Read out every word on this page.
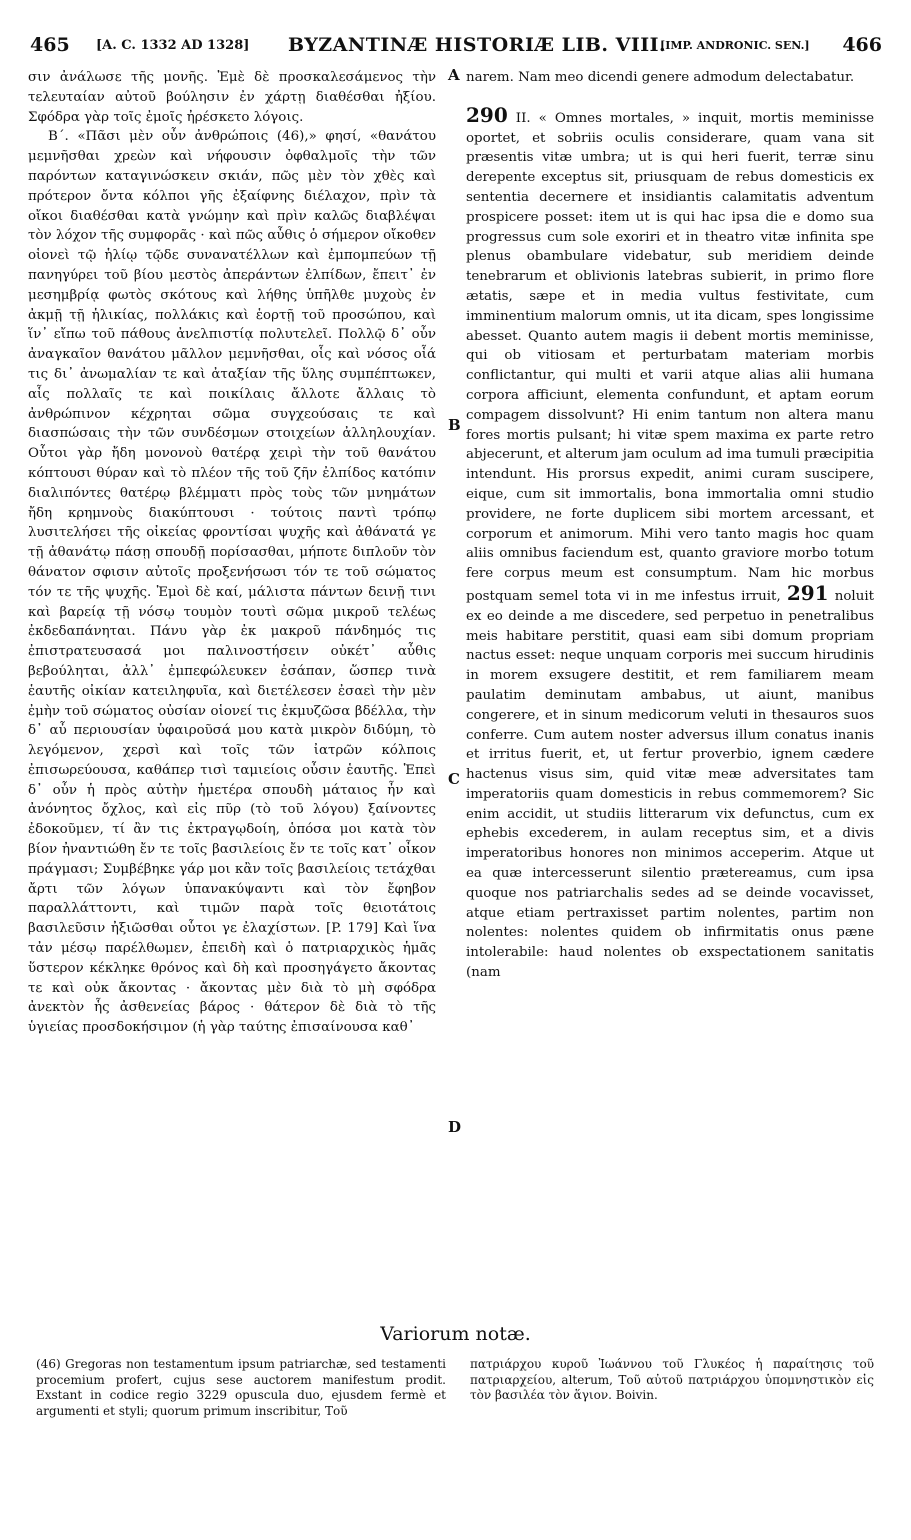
465 [A. C. 1332 AD 1328] BYZANTINÆ HISTORIÆ LIB. VIII.
[IMP. ANDRONIC. SEN.] 466

σιν ἀνάλωσε τῆς μονῆς. Ἐμὲ δὲ προσκαλεσάμενος τὴν τελευταίαν αὐτοῦ βούλησιν ἐν χάρτῃ διαθέσθαι ἠξίου. Σφόδρα γὰρ τοῖς ἐμοῖς ἠρέσκετο λόγοις.

Β΄. «Πᾶσι μὲν οὖν ἀνθρώποις (46),» φησί, «θανάτου μεμνῆσθαι χρεὼν καὶ νήφουσιν ὀφθαλμοῖς τὴν τῶν παρόντων καταγινώσκειν σκιάν, πῶς μὲν τὸν χθὲς καὶ πρότερον ὄντα κόλποι γῆς ἐξαίφνης διέλαχον, πρὶν τὰ οἴκοι διαθέσθαι κατὰ γνώμην καὶ πρὶν καλῶς διαβλέψαι τὸν λόχον τῆς συμφορᾶς · καὶ πῶς αὖθις ὁ σήμερον οἴκοθεν οἱονεὶ τῷ ἡλίῳ τῷδε συνανατέλλων καὶ ἐμπομπεύων τῇ πανηγύρει τοῦ βίου μεστὸς ἀπεράντων ἐλπίδων, ἔπειτ᾽ ἐν μεσημβρίᾳ φωτὸς σκότους καὶ λήθης ὑπῆλθε μυχοὺς ἐν ἀκμῇ τῇ ἡλικίας, πολλάκις καὶ ἑορτῇ τοῦ προσώπου, καὶ ἵν᾽ εἴπω τοῦ πάθους ἀνελπιστίᾳ πολυτελεῖ. Πολλῷ δ᾽ οὖν ἀναγκαῖον θανάτου μᾶλλον μεμνῆσθαι, οἷς καὶ νόσος οἷά τις δι᾽ ἀνωμαλίαν τε καὶ ἀταξίαν τῆς ὕλης συμπέπτωκεν, αἷς πολλαῖς τε καὶ ποικίλαις ἄλλοτε ἄλλαις τὸ ἀνθρώπινον κέχρηται σῶμα συγχεούσαις τε καὶ διασπώσαις τὴν τῶν συνδέσμων στοιχείων ἀλληλουχίαν. Οὗτοι γὰρ ἤδη μονονοὺ θατέρᾳ χειρὶ τὴν τοῦ θανάτου κόπτουσι θύραν καὶ τὸ πλέον τῆς τοῦ ζῆν ἐλπίδος κατόπιν διαλιπόντες θατέρῳ βλέμματι πρὸς τοὺς τῶν μνημάτων ἤδη κρημνοὺς διακύπτουσι · τούτοις παντὶ τρόπῳ λυσιτελήσει τῆς οἰκείας φροντίσαι ψυχῆς καὶ ἀθάνατά γε τῇ ἀθανάτῳ πάσῃ σπουδῇ πορίσασθαι, μήποτε διπλοῦν τὸν θάνατον σφισιν αὐτοῖς προξενήσωσι τόν τε τοῦ σώματος τόν τε τῆς ψυχῆς. Ἐμοὶ δὲ καί, μάλιστα πάντων δεινῇ τινι καὶ βαρείᾳ τῇ νόσῳ τουμὸν τουτὶ σῶμα μικροῦ τελέως ἐκδεδαπάνηται. Πάνυ γὰρ ἐκ μακροῦ πάνδημός τις ἐπιστρατευσασά μοι παλινοστήσειν οὐκέτ᾽ αὖθις βεβούληται, ἀλλ᾽ ἐμπεφώλευκεν ἐσάπαν, ὥσπερ τινὰ ἑαυτῆς οἰκίαν κατειληφυῖα, καὶ διετέλεσεν ἐσαεὶ τὴν μὲν ἐμὴν τοῦ σώματος οὐσίαν οἱονεί τις ἐκμυζῶσα βδέλλα, τὴν δ᾽ αὖ περιουσίαν ὑφαιροῦσά μου κατὰ μικρὸν διδύμη, τὸ λεγόμενον, χερσὶ καὶ τοῖς τῶν ἰατρῶν κόλποις ἐπισωρεύουσα, καθάπερ τισὶ ταμιείοις οὖσιν ἑαυτῆς. Ἐπεὶ δ᾽ οὖν ἡ πρὸς αὐτὴν ἡμετέρα σπουδὴ μάταιος ἦν καὶ ἀνόνητος ὄχλος, καὶ εἰς πῦρ (τὸ τοῦ λόγου) ξαίνοντες ἐδοκοῦμεν, τί ἂν τις ἐκτραγῳδοίη, ὁπόσα μοι κατὰ τὸν βίον ἠναντιώθη ἔν τε τοῖς βασιλείοις ἔν τε τοῖς κατ᾽ οἶκον πράγμασι; Συμβέβηκε γάρ μοι κἂν τοῖς βασιλείοις τετάχθαι ἄρτι τῶν λόγων ὑπανακύψαντι καὶ τὸν ἔφηβον παραλλάττοντι, καὶ τιμῶν παρὰ τοῖς θειοτάτοις βασιλεῦσιν ἠξιῶσθαι οὗτοι γε ἐλαχίστων. [P. 179] Καὶ ἵνα τἀν μέσῳ παρέλθωμεν, ἐπειδὴ καὶ ὁ πατριαρχικὸς ἡμᾶς ὕστερον κέκληκε θρόνος καὶ δὴ καὶ προσηγάγετο ἄκοντας τε καὶ οὐκ ἄκοντας · ἄκοντας μὲν διὰ τὸ μὴ σφόδρα ἀνεκτὸν ἧς ἀσθενείας βάρος · θάτερον δὲ διὰ τὸ τῆς ὑγιείας προσδοκήσιμον (ἡ γὰρ ταύτης ἐπισαίνουσα καθ᾽

A
B
C
D

narem. Nam meo dicendi genere admodum delectabatur.

290 II. « Omnes mortales, » inquit, mortis meminisse oportet, et sobriis oculis considerare, quam vana sit præsentis vitæ umbra; ut is qui heri fuerit, terræ sinu derepente exceptus sit, priusquam de rebus domesticis ex sententia decernere et insidiantis calamitatis adventum prospicere posset: item ut is qui hac ipsa die e domo sua progressus cum sole exoriri et in theatro vitæ infinita spe plenus obambulare videbatur, sub meridiem deinde tenebrarum et oblivionis latebras subierit, in primo flore ætatis, sæpe et in media vultus festivitate, cum imminentium malorum omnis, ut ita dicam, spes longissime abesset. Quanto autem magis ii debent mortis meminisse, qui ob vitiosam et perturbatam materiam morbis conflictantur, qui multi et varii atque alias alii humana corpora afficiunt, elementa confundunt, et aptam eorum compagem dissolvunt? Hi enim tantum non altera manu fores mortis pulsant; hi vitæ spem maxima ex parte retro abjecerunt, et alterum jam oculum ad ima tumuli præcipitia intendunt. His prorsus expedit, animi curam suscipere, eique, cum sit immortalis, bona immortalia omni studio providere, ne forte duplicem sibi mortem arcessant, et corporum et animorum. Mihi vero tanto magis hoc quam aliis omnibus faciendum est, quanto graviore morbo totum fere corpus meum est consumptum. Nam hic morbus postquam semel tota vi in me infestus irruit, 291 noluit ex eo deinde a me discedere, sed perpetuo in penetralibus meis habitare perstitit, quasi eam sibi domum propriam nactus esset: neque unquam corporis mei succum hirudinis in morem exsugere destitit, et rem familiarem meam paulatim deminutam ambabus, ut aiunt, manibus congerere, et in sinum medicorum veluti in thesauros suos conferre. Cum autem noster adversus illum conatus inanis et irritus fuerit, et, ut fertur proverbio, ignem cædere hactenus visus sim, quid vitæ meæ adversitates tam imperatoriis quam domesticis in rebus commemorem? Sic enim accidit, ut studiis litterarum vix defunctus, cum ex ephebis excederem, in aulam receptus sim, et a divis imperatoribus honores non minimos acceperim. Atque ut ea quæ intercesserunt silentio prætereamus, cum ipsa quoque nos patriarchalis sedes ad se deinde vocavisset, atque etiam pertraxisset partim nolentes, partim non nolentes: nolentes quidem ob infirmitatis onus pæne intolerabile: haud nolentes ob exspectationem sanitatis (nam

Variorum notæ.
(46) Gregoras non testamentum ipsum patriarchæ, sed testamenti procemium profert, cujus sese auctorem manifestum prodit. Exstant in codice regio 3229 opuscula duo, ejusdem fermè et argumenti et styli; quorum primum inscribitur, Τοῦ
πατριάρχου κυροῦ Ἰωάννου τοῦ Γλυκέος ἡ παραίτησις τοῦ πατριαρχείου, alterum, Τοῦ αὐτοῦ πατριάρχου ὑπομνηστικὸν εἰς τὸν βασιλέα τὸν ἅγιον. Boivin.
